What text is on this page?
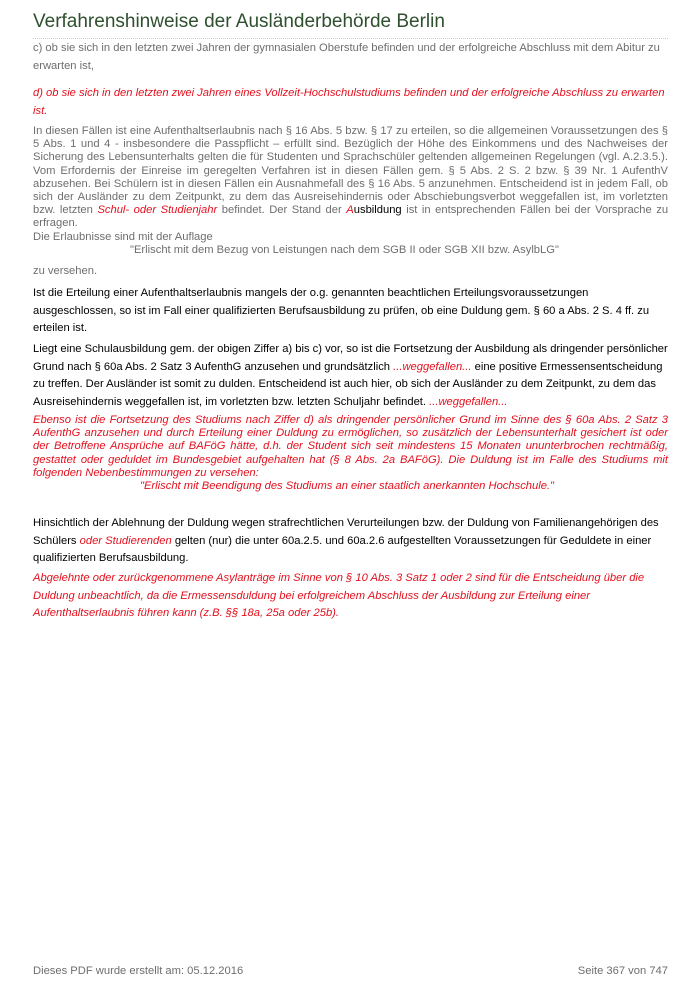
Verfahrenshinweise der Ausländerbehörde Berlin
c) ob sie sich in den letzten zwei Jahren der gymnasialen Oberstufe befinden und der erfolgreiche Abschluss mit dem Abitur zu erwarten ist,
d) ob sie sich in den letzten zwei Jahren eines Vollzeit-Hochschulstudiums befinden und der erfolgreiche Abschluss zu erwarten ist.
In diesen Fällen ist eine Aufenthaltserlaubnis nach § 16 Abs. 5 bzw. § 17 zu erteilen, so die allgemeinen Voraussetzungen des § 5 Abs. 1 und 4 - insbesondere die Passpflicht – erfüllt sind. Bezüglich der Höhe des Einkommens und des Nachweises der Sicherung des Lebensunterhalts gelten die für Studenten und Sprachschüler geltenden allgemeinen Regelungen (vgl. A.2.3.5.). Vom Erfordernis der Einreise im geregelten Verfahren ist in diesen Fällen gem. § 5 Abs. 2 S. 2 bzw. § 39 Nr. 1 AufenthV abzusehen. Bei Schülern ist in diesen Fällen ein Ausnahmefall des § 16 Abs. 5 anzunehmen. Entscheidend ist in jedem Fall, ob sich der Ausländer zu dem Zeitpunkt, zu dem das Ausreisehindernis oder Abschiebungsverbot weggefallen ist, im vorletzten bzw. letzten Schul- oder Studienjahr befindet. Der Stand der Ausbildung ist in entsprechenden Fällen bei der Vorsprache zu erfragen.
Die Erlaubnisse sind mit der Auflage
"Erlischt mit dem Bezug von Leistungen nach dem SGB II oder SGB XII bzw. AsylbLG"
zu versehen.
Ist die Erteilung einer Aufenthaltserlaubnis mangels der o.g. genannten beachtlichen Erteilungsvoraussetzungen ausgeschlossen, so ist im Fall einer qualifizierten Berufsausbildung zu prüfen, ob eine Duldung gem. § 60 a Abs. 2 S. 4 ff. zu erteilen ist.
Liegt eine Schulausbildung gem. der obigen Ziffer a) bis c) vor, so ist die Fortsetzung der Ausbildung als dringender persönlicher Grund nach § 60a Abs. 2 Satz 3 AufenthG anzusehen und grundsätzlich ...weggefallen... eine positive Ermessensentscheidung zu treffen. Der Ausländer ist somit zu dulden. Entscheidend ist auch hier, ob sich der Ausländer zu dem Zeitpunkt, zu dem das Ausreisehindernis weggefallen ist, im vorletzten bzw. letzten Schuljahr befindet. ...weggefallen...
Ebenso ist die Fortsetzung des Studiums nach Ziffer d) als dringender persönlicher Grund im Sinne des § 60a Abs. 2 Satz 3 AufenthG anzusehen und durch Erteilung einer Duldung zu ermöglichen, so zusätzlich der Lebensunterhalt gesichert ist oder der Betroffene Ansprüche auf BAFöG hätte, d.h. der Student sich seit mindestens 15 Monaten ununterbrochen rechtmäßig, gestattet oder geduldet im Bundesgebiet aufgehalten hat (§ 8 Abs. 2a BAFöG). Die Duldung ist im Falle des Studiums mit folgenden Nebenbestimmungen zu versehen:
"Erlischt mit Beendigung des Studiums an einer staatlich anerkannten Hochschule."
Hinsichtlich der Ablehnung der Duldung wegen strafrechtlichen Verurteilungen bzw. der Duldung von Familienangehörigen des Schülers oder Studierenden gelten (nur) die unter 60a.2.5. und 60a.2.6 aufgestellten Voraussetzungen für Geduldete in einer qualifizierten Berufsausbildung.
Abgelehnte oder zurückgenommene Asylanträge im Sinne von § 10 Abs. 3 Satz 1 oder 2 sind für die Entscheidung über die Duldung unbeachtlich, da die Ermessensduldung bei erfolgreichem Abschluss der Ausbildung zur Erteilung einer Aufenthaltserlaubnis führen kann (z.B. §§ 18a, 25a oder 25b).
Dieses PDF wurde erstellt am: 05.12.2016	Seite 367 von 747
